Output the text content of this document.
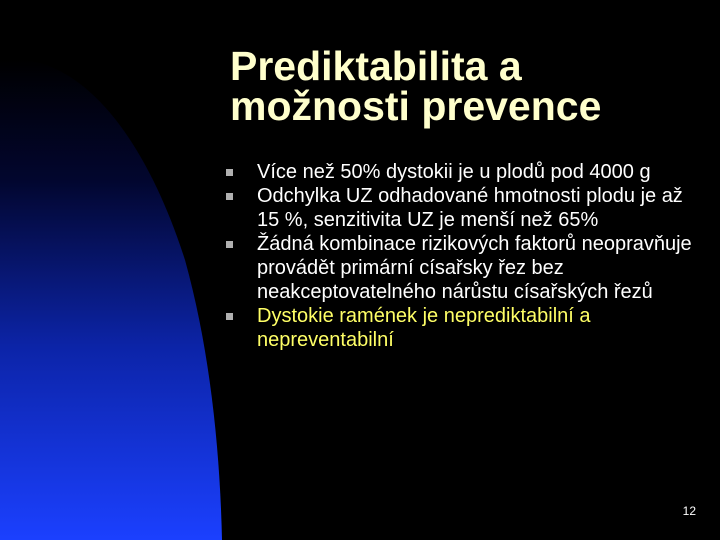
Prediktabilita a
možnosti prevence
Více než 50% dystokii je u plodů pod 4000 g
Odchylka UZ odhadované hmotnosti plodu je až 15 %, senzitivita UZ je menší než 65%
Žádná kombinace rizikových faktorů neopravňuje provádět primární císařsky řez bez neakceptovatelného nárůstu císařských řezů
Dystokie ramének je neprediktabilní a nepreventabilní
12
